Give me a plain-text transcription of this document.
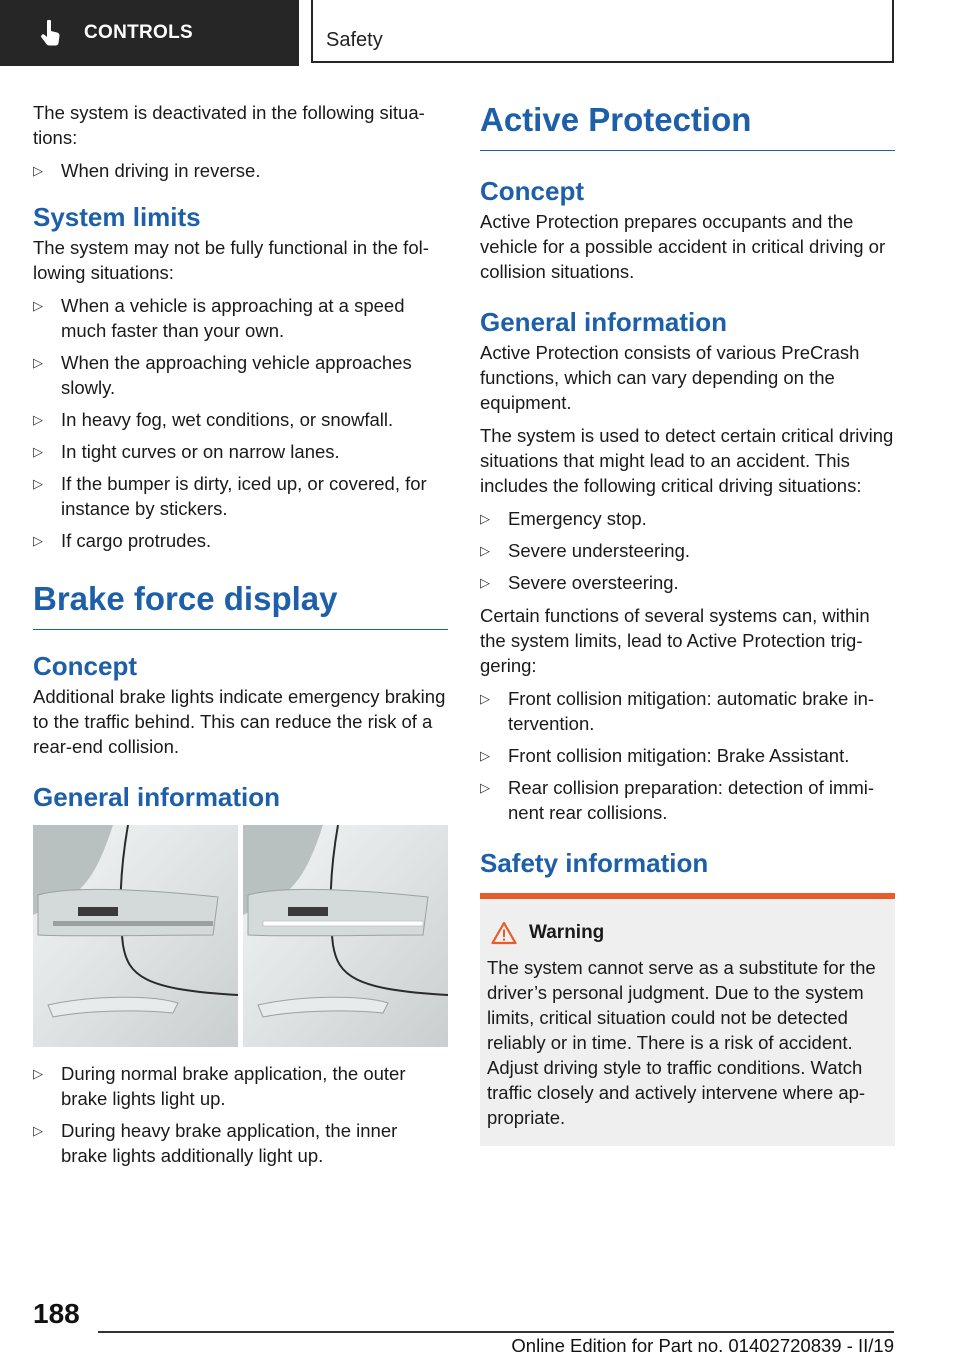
CONTROLS	Safety

The system is deactivated in the following situations:

▷ When driving in reverse.
System limits

The system may not be fully functional in the following situations:

▷ When a vehicle is approaching at a speed much faster than your own.
▷ When the approaching vehicle approaches slowly.
▷ In heavy fog, wet conditions, or snowfall.
▷ In tight curves or on narrow lanes.
▷ If the bumper is dirty, iced up, or covered, for instance by stickers.
▷ If cargo protrudes.
Brake force display
Concept

Additional brake lights indicate emergency braking to the traffic behind. This can reduce the risk of a rear-end collision.

General information
▷ During normal brake application, the outer brake lights light up.
▷ During heavy brake application, the inner brake lights additionally light up.
Active Protection
Concept

Active Protection prepares occupants and the vehicle for a possible accident in critical driving or collision situations.

General information

Active Protection consists of various PreCrash functions, which can vary depending on the equipment.

The system is used to detect certain critical driving situations that might lead to an accident. This includes the following critical driving situations:

▷ Emergency stop.
▷ Severe understeering.
▷ Severe oversteering.

Certain functions of several systems can, within the system limits, lead to Active Protection triggering:

▷ Front collision mitigation: automatic brake intervention.
▷ Front collision mitigation: Brake Assistant.
▷ Rear collision preparation: detection of imminent rear collisions.
Safety information
Warning

The system cannot serve as a substitute for the driver’s personal judgment. Due to the system limits, critical situation could not be detected reliably or in time. There is a risk of accident. Adjust driving style to traffic conditions. Watch traffic closely and actively intervene where appropriate.

188
Online Edition for Part no. 01402720839 - II/19
